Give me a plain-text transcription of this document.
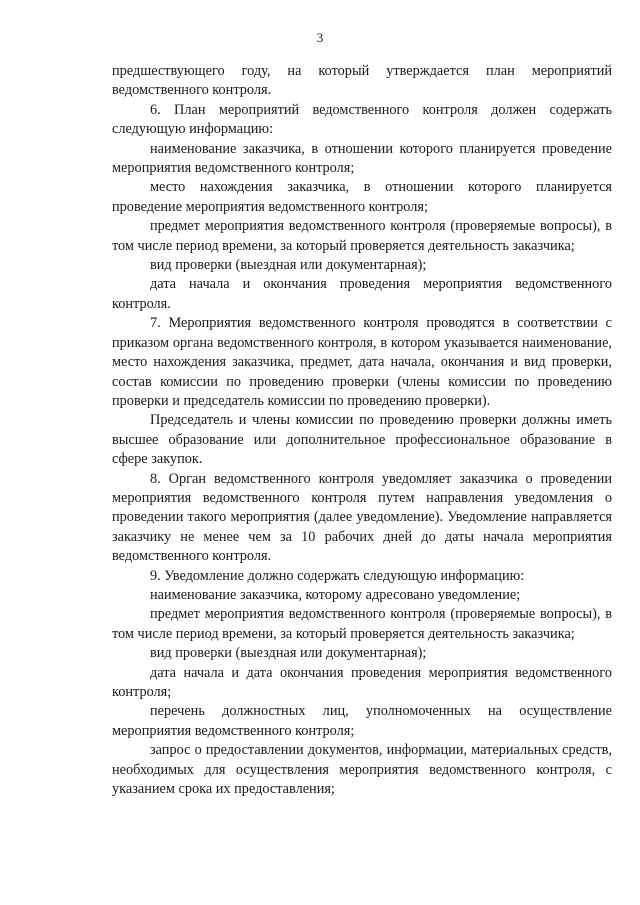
3

предшествующего году, на который утверждается план мероприятий ведомственного контроля.

6. План мероприятий ведомственного контроля должен содержать следующую информацию:

наименование заказчика, в отношении которого планируется проведение мероприятия ведомственного контроля;

место нахождения заказчика, в отношении которого планируется проведение мероприятия ведомственного контроля;

предмет мероприятия ведомственного контроля (проверяемые вопросы), в том числе период времени, за который проверяется деятельность заказчика;

вид проверки (выездная или документарная);

дата начала и окончания проведения мероприятия ведомственного контроля.

7. Мероприятия ведомственного контроля проводятся в соответствии с приказом органа ведомственного контроля, в котором указывается наименование, место нахождения заказчика, предмет, дата начала, окончания и вид проверки, состав комиссии по проведению проверки (члены комиссии по проведению проверки и председатель комиссии по проведению проверки).

Председатель и члены комиссии по проведению проверки должны иметь высшее образование или дополнительное профессиональное образование в сфере закупок.

8. Орган ведомственного контроля уведомляет заказчика о проведении мероприятия ведомственного контроля путем направления уведомления о проведении такого мероприятия (далее уведомление). Уведомление направляется заказчику не менее чем за 10 рабочих дней до даты начала мероприятия ведомственного контроля.

9. Уведомление должно содержать следующую информацию:

наименование заказчика, которому адресовано уведомление;

предмет мероприятия ведомственного контроля (проверяемые вопросы), в том числе период времени, за который проверяется деятельность заказчика;

вид проверки (выездная или документарная);

дата начала и дата окончания проведения мероприятия ведомственного контроля;

перечень должностных лиц, уполномоченных на осуществление мероприятия ведомственного контроля;

запрос о предоставлении документов, информации, материальных средств, необходимых для осуществления мероприятия ведомственного контроля, с указанием срока их предоставления;
